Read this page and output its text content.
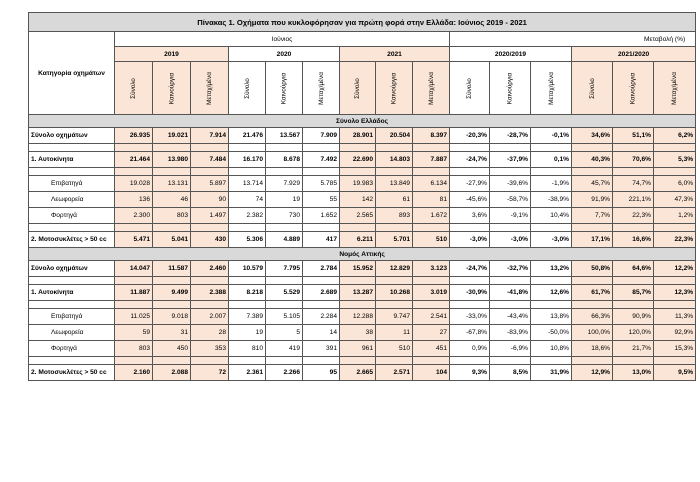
Πίνακας 1. Οχήματα που κυκλοφόρησαν για πρώτη φορά στην Ελλάδα: Ιούνιος 2019 - 2021															
Κατηγορία οχημάτων	Ιούνιος									Μεταβολή (%)					
	2019			2020			2021			2020/2019			2021/2020		
	Σύνολο	Καινούργια	Μεταχ/μένα	Σύνολο	Καινούργια	Μεταχ/μένα	Σύνολο	Καινούργια	Μεταχ/μένα	Σύνολο	Καινούργια	Μεταχ/μένα	Σύνολο	Καινούργια	Μεταχ/μένα
Σύνολο Ελλάδος															
Σύνολο οχημάτων	26.935	19.021	7.914	21.476	13.567	7.909	28.901	20.504	8.397	-20,3%	-28,7%	-0,1%	34,6%	51,1%	6,2%

1. Αυτοκίνητα	21.464	13.980	7.484	16.170	8.678	7.492	22.690	14.803	7.887	-24,7%	-37,9%	0,1%	40,3%	70,6%	5,3%

Επιβατηγά	19.028	13.131	5.897	13.714	7.929	5.785	19.983	13.849	6.134	-27,9%	-39,6%	-1,9%	45,7%	74,7%	6,0%
Λεωφορεία	136	46	90	74	19	55	142	61	81	-45,6%	-58,7%	-38,9%	91,9%	221,1%	47,3%
Φορτηγά	2.300	803	1.497	2.382	730	1.652	2.565	893	1.672	3,6%	-9,1%	10,4%	7,7%	22,3%	1,2%

2. Μοτοσυκλέτες > 50 cc	5.471	5.041	430	5.306	4.889	417	6.211	5.701	510	-3,0%	-3,0%	-3,0%	17,1%	16,6%	22,3%
Νομός Αττικής															
Σύνολο οχημάτων	14.047	11.587	2.460	10.579	7.795	2.784	15.952	12.829	3.123	-24,7%	-32,7%	13,2%	50,8%	64,6%	12,2%

1. Αυτοκίνητα	11.887	9.499	2.388	8.218	5.529	2.689	13.287	10.268	3.019	-30,9%	-41,8%	12,6%	61,7%	85,7%	12,3%

Επιβατηγά	11.025	9.018	2.007	7.389	5.105	2.284	12.288	9.747	2.541	-33,0%	-43,4%	13,8%	66,3%	90,9%	11,3%
Λεωφορεία	59	31	28	19	5	14	38	11	27	-67,8%	-83,9%	-50,0%	100,0%	120,0%	92,9%
Φορτηγά	803	450	353	810	419	391	961	510	451	0,9%	-6,9%	10,8%	18,6%	21,7%	15,3%

2. Μοτοσυκλέτες > 50 cc	2.160	2.088	72	2.361	2.266	95	2.665	2.571	104	9,3%	8,5%	31,9%	12,9%	13,0%	9,5%
